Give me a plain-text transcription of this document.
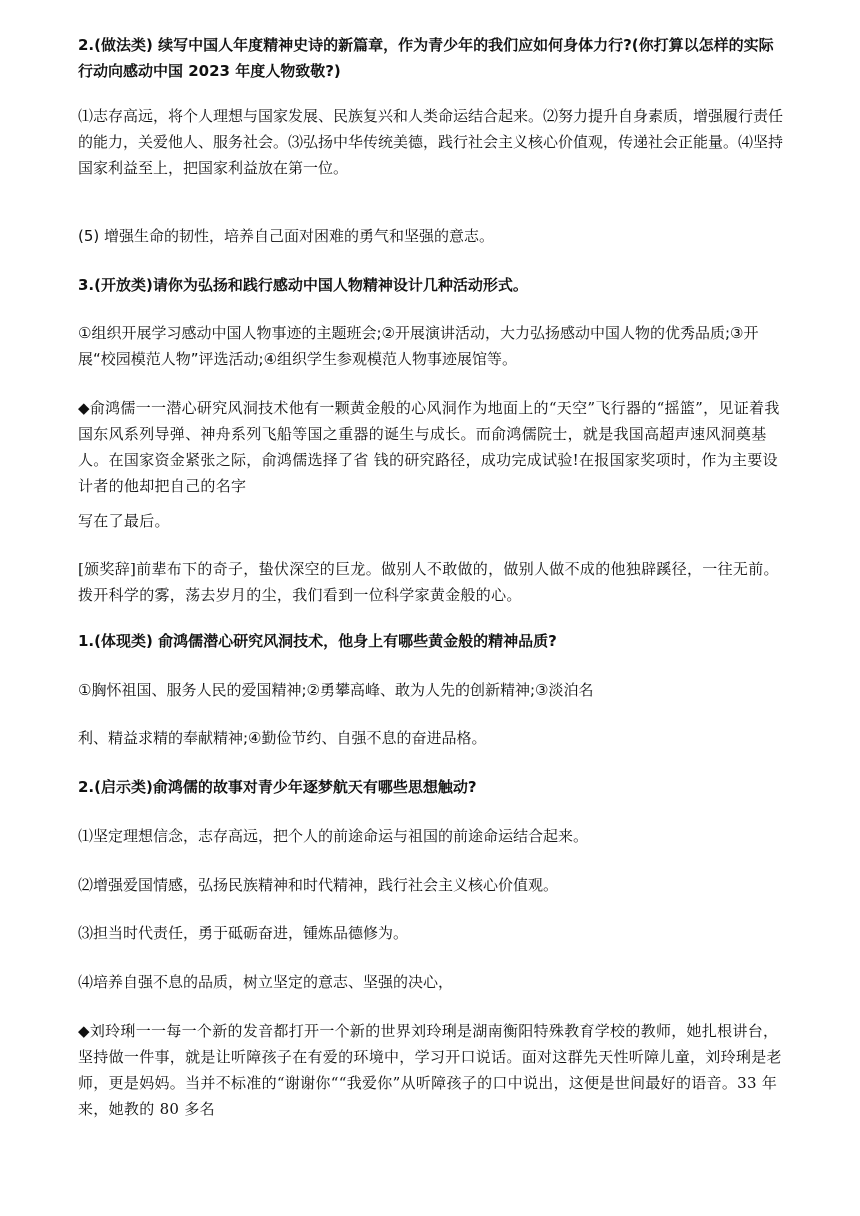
2.(做法类) 续写中国人年度精神史诗的新篇章，作为青少年的我们应如何身体力行?(你打算以怎样的实际行动向感动中国 2023 年度人物致敬?)

⑴志存高远，将个人理想与国家发展、民族复兴和人类命运结合起来。⑵努力提升自身素质，增强履行责任的能力，关爱他人、服务社会。⑶弘扬中华传统美德，践行社会主义核心价值观，传递社会正能量。⑷坚持国家利益至上，把国家利益放在第一位。

(5) 增强生命的韧性，培养自己面对困难的勇气和坚强的意志。

3.(开放类)请你为弘扬和践行感动中国人物精神设计几种活动形式。

①组织开展学习感动中国人物事迹的主题班会;②开展演讲活动，大力弘扬感动中国人物的优秀品质;③开展“校园模范人物”评选活动;④组织学生参观模范人物事迹展馆等。

◆俞鸿儒一一潜心研究风洞技术他有一颗黄金般的心风洞作为地面上的“天空”飞行器的“摇篮”，见证着我国东风系列导弹、神舟系列飞船等国之重器的诞生与成长。而俞鸿儒院士，就是我国高超声速风洞奠基人。在国家资金紧张之际，俞鸿儒选择了省 钱的研究路径，成功完成试验!在报国家奖项时，作为主要设计者的他却把自己的名字

写在了最后。

[颁奖辞]前辈布下的奇子，蛰伏深空的巨龙。做别人不敢做的，做别人做不成的他独辟蹊径，一往无前。拨开科学的雾，荡去岁月的尘，我们看到一位科学家黄金般的心。

1.(体现类) 俞鸿儒潜心研究风洞技术，他身上有哪些黄金般的精神品质?

①胸怀祖国、服务人民的爱国精神;②勇攀高峰、敢为人先的创新精神;③淡泊名

利、精益求精的奉献精神;④勤俭节约、自强不息的奋进品格。

2.(启示类)俞鸿儒的故事对青少年逐梦航天有哪些思想触动?

⑴坚定理想信念，志存高远，把个人的前途命运与祖国的前途命运结合起来。

⑵增强爱国情感，弘扬民族精神和时代精神，践行社会主义核心价值观。

⑶担当时代责任，勇于砥砺奋进，锺炼品德修为。

⑷培养自强不息的品质，树立坚定的意志、坚强的决心，

◆刘玲琍一一每一个新的发音都打开一个新的世界刘玲琍是湖南衡阳特殊教育学校的教师，她扎根讲台，坚持做一件事，就是让听障孩子在有爱的环境中，学习开口说话。面对这群先天性听障儿童，刘玲琍是老师，更是妈妈。当并不标准的“谢谢你““我爱你”从听障孩子的口中说出，这便是世间最好的语音。33 年来，她教的 80 多名
